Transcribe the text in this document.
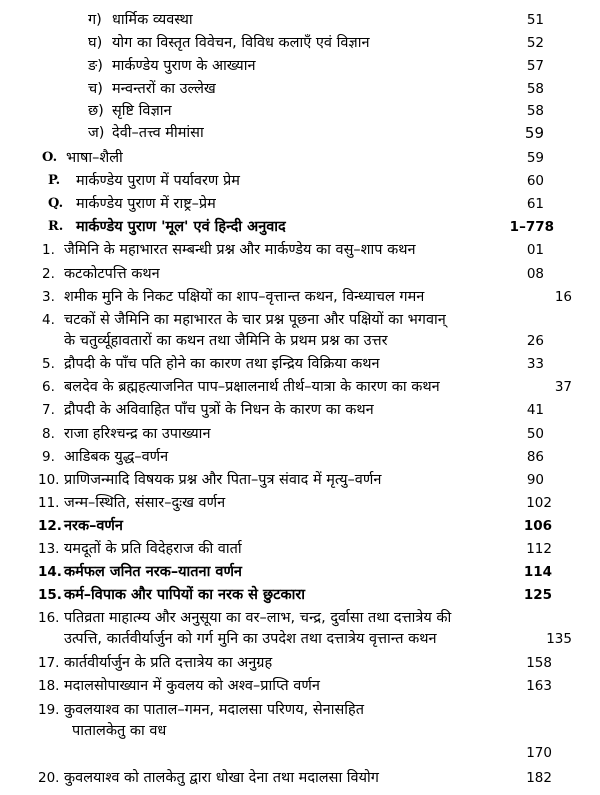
ग) धार्मिक व्यवस्था	51
घ) योग का विस्तृत विवेचन, विविध कलाएँ एवं विज्ञान	52
ङ) मार्कण्डेय पुराण के आख्यान	57
च) मन्वन्तरों का उल्लेख	58
छ) सृष्टि विज्ञान	58
ज) देवी–तत्त्व मीमांसा	59
O. भाषा–शैली	59
P. मार्कण्डेय पुराण में पर्यावरण प्रेम	60
Q. मार्कण्डेय पुराण में राष्ट्र–प्रेम	61
R. मार्कण्डेय पुराण 'मूल' एवं हिन्दी अनुवाद	1–778
1. जैमिनि के महाभारत सम्बन्धी प्रश्न और मार्कण्डेय का वसु–शाप कथन	01
2. कटकोटपत्ति कथन	08
3. शमीक मुनि के निकट पक्षियों का शाप–वृत्तान्त कथन, विन्ध्याचल गमन	16
4. चटकों से जैमिनि का महाभारत के चार प्रश्न पूछना और पक्षियों का भगवान्
के चतुर्व्यूहावतारों का कथन तथा जैमिनि के प्रथम प्रश्न का उत्तर	26
5. द्रौपदी के पाँच पति होने का कारण तथा इन्द्रिय विक्रिया कथन	33
6. बलदेव के ब्रह्महत्याजनित पाप–प्रक्षालनार्थ तीर्थ–यात्रा के कारण का कथन	37
7. द्रौपदी के अविवाहित पाँच पुत्रों के निधन के कारण का कथन	41
8. राजा हरिश्चन्द्र का उपाख्यान	50
9. आडिबक युद्ध–वर्णन	86
10. प्राणिजन्मादि विषयक प्रश्न और पिता–पुत्र संवाद में मृत्यु–वर्णन	90
11. जन्म–स्थिति, संसार–दुःख वर्णन	102
12. नरक–वर्णन	106
13. यमदूतों के प्रति विदेहराज की वार्ता	112
14. कर्मफल जनित नरक–यातना वर्णन	114
15. कर्म–विपाक और पापियों का नरक से छुटकारा	125
16. पतिव्रता माहात्म्य और अनुसूया का वर–लाभ, चन्द्र, दुर्वासा तथा दत्तात्रेय की
उत्पत्ति, कार्तवीर्यार्जुन को गर्ग मुनि का उपदेश तथा दत्तात्रेय वृत्तान्त कथन	135
17. कार्तवीर्यार्जुन के प्रति दत्तात्रेय का अनुग्रह	158
18. मदालसोपाख्यान में कुवलय को अश्व–प्राप्ति वर्णन	163
19. कुवलयाश्व का पाताल–गमन, मदालसा परिणय, सेनासहित
पातालकेतु का वध
170
20. कुवलयाश्व को तालकेतु द्वारा धोखा देना तथा मदालसा वियोग	182
